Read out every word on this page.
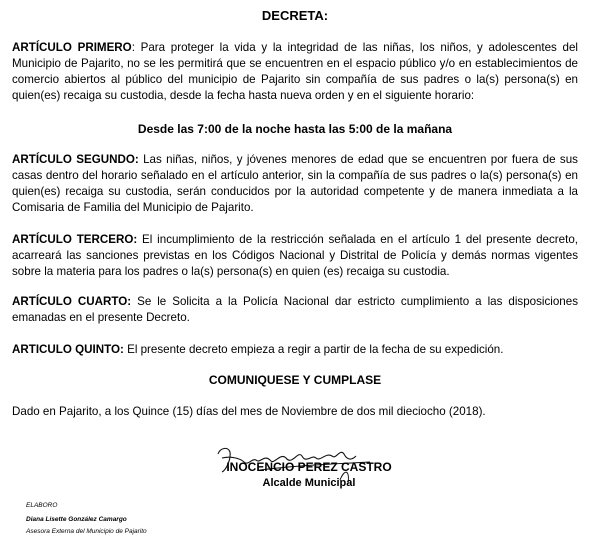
DECRETA:
ARTÍCULO PRIMERO: Para proteger la vida y la integridad de las niñas, los niños, y adolescentes del Municipio de Pajarito, no se les permitirá que se encuentren en el espacio público y/o en establecimientos de comercio abiertos al público del municipio de Pajarito sin compañía de sus padres o la(s) persona(s) en quien(es) recaiga su custodia, desde la fecha hasta nueva orden y en el siguiente horario:
Desde las 7:00 de la noche hasta las 5:00 de la mañana
ARTÍCULO SEGUNDO: Las niñas, niños, y jóvenes menores de edad que se encuentren por fuera de sus casas dentro del horario señalado en el artículo anterior, sin la compañía de sus padres o la(s) persona(s) en quien(es) recaiga su custodia, serán conducidos por la autoridad competente y de manera inmediata a la Comisaria de Familia del Municipio de Pajarito.
ARTÍCULO TERCERO: El incumplimiento de la restricción señalada en el artículo 1 del presente decreto, acarreará las sanciones previstas en los Códigos Nacional y Distrital de Policía y demás normas vigentes sobre la materia para los padres o la(s) persona(s) en quien (es) recaiga su custodia.
ARTÍCULO CUARTO: Se le Solicita a la Policía Nacional dar estricto cumplimiento a las disposiciones emanadas en el presente Decreto.
ARTICULO QUINTO: El presente decreto empieza a regir a partir de la fecha de su expedición.
COMUNIQUESE Y CUMPLASE
Dado en Pajarito, a los Quince (15) días del mes de Noviembre de dos mil dieciocho (2018).
INOCENCIO PEREZ CASTRO
Alcalde Municipal
ELABORO
Diana Lisette González Camargo
Asesora Externa del Municipio de Pajarito
